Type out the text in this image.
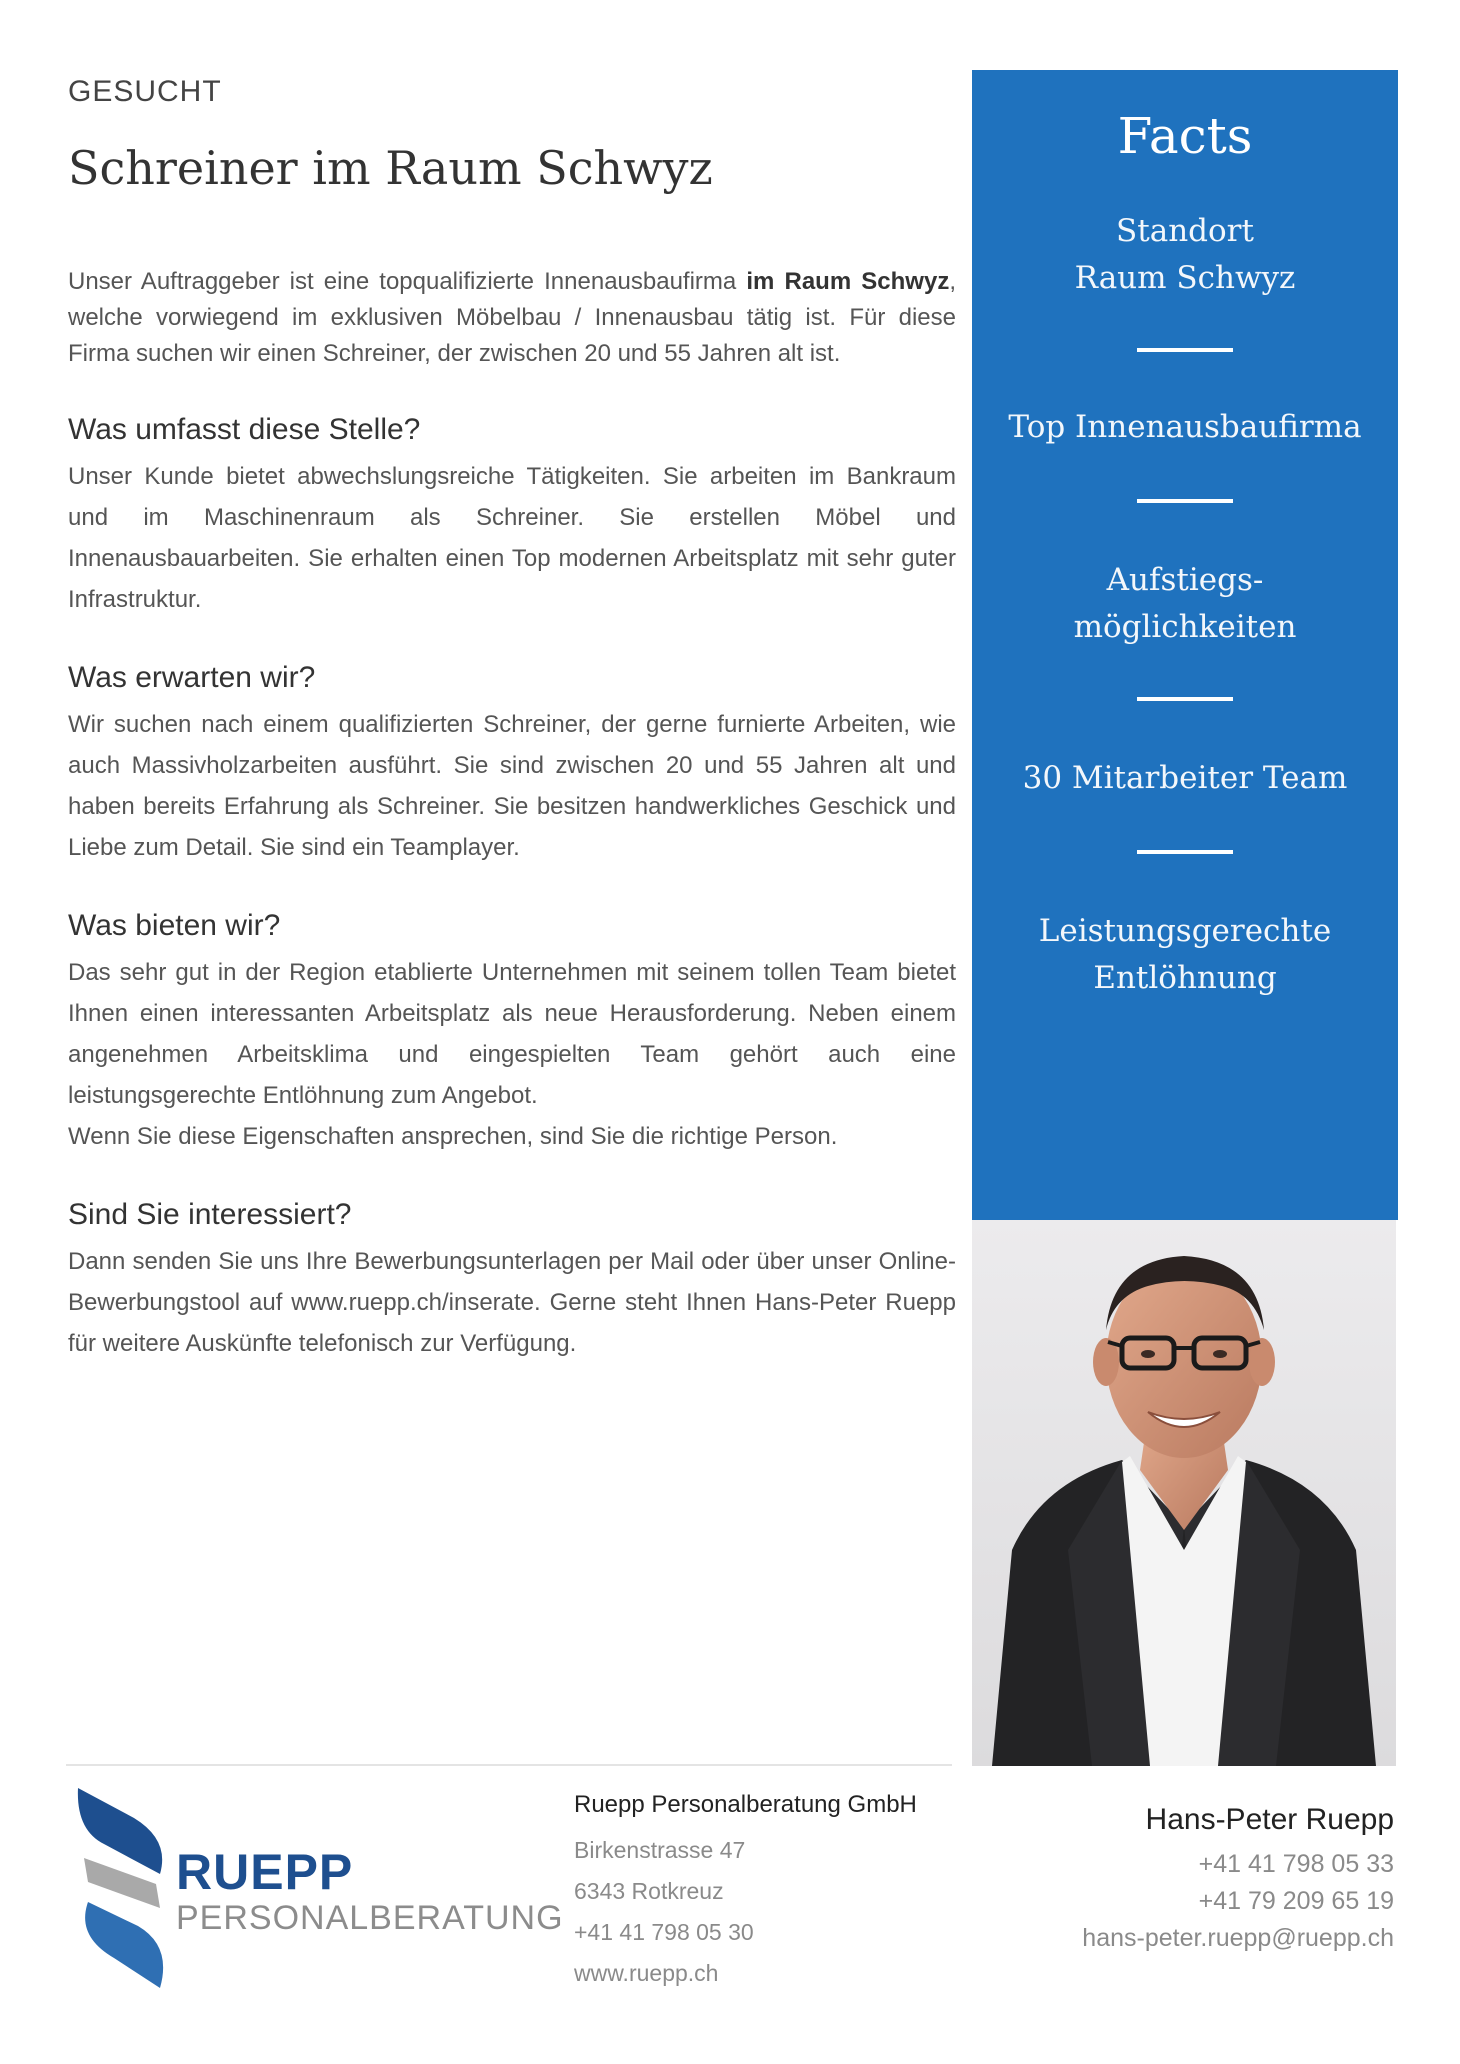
GESUCHT

Schreiner im Raum Schwyz
Unser Auftraggeber ist eine topqualifizierte Innenausbaufirma im Raum Schwyz, welche vorwiegend im exklusiven Möbelbau / Innenausbau tätig ist. Für diese Firma suchen wir einen Schreiner, der zwischen 20 und 55 Jahren alt ist.
Was umfasst diese Stelle?

Unser Kunde bietet abwechslungsreiche Tätigkeiten. Sie arbeiten im Bankraum und im Maschinenraum als Schreiner. Sie erstellen Möbel und Innenausbauarbeiten. Sie erhalten einen Top modernen Arbeitsplatz mit sehr guter Infrastruktur.

Was erwarten wir?

Wir suchen nach einem qualifizierten Schreiner, der gerne furnierte Arbeiten, wie auch Massivholzarbeiten ausführt. Sie sind zwischen 20 und 55 Jahren alt und haben bereits Erfahrung als Schreiner. Sie besitzen handwerkliches Geschick und Liebe zum Detail. Sie sind ein Teamplayer.

Was bieten wir?

Das sehr gut in der Region etablierte Unternehmen mit seinem tollen Team bietet Ihnen einen interessanten Arbeitsplatz als neue Herausforderung. Neben einem angenehmen Arbeitsklima und eingespielten Team gehört auch eine leistungsgerechte Entlöhnung zum Angebot.

Wenn Sie diese Eigenschaften ansprechen, sind Sie die richtige Person.

Sind Sie interessiert?

Dann senden Sie uns Ihre Bewerbungsunterlagen per Mail oder über unser Online-Bewerbungstool auf www.ruepp.ch/inserate. Gerne steht Ihnen Hans-Peter Ruepp für weitere Auskünfte telefonisch zur Verfügung.

Facts
Standort
Raum Schwyz
Top Innenausbaufirma
Aufstiegs-
möglichkeiten
30 Mitarbeiter Team
Leistungsgerechte
Entlöhnung
RUEPP
PERSONALBERATUNG
Ruepp Personalberatung GmbH
Birkenstrasse 47
6343 Rotkreuz
+41 41 798 05 30
www.ruepp.ch
Hans-Peter Ruepp
+41 41 798 05 33
+41 79 209 65 19
hans-peter.ruepp@ruepp.ch
